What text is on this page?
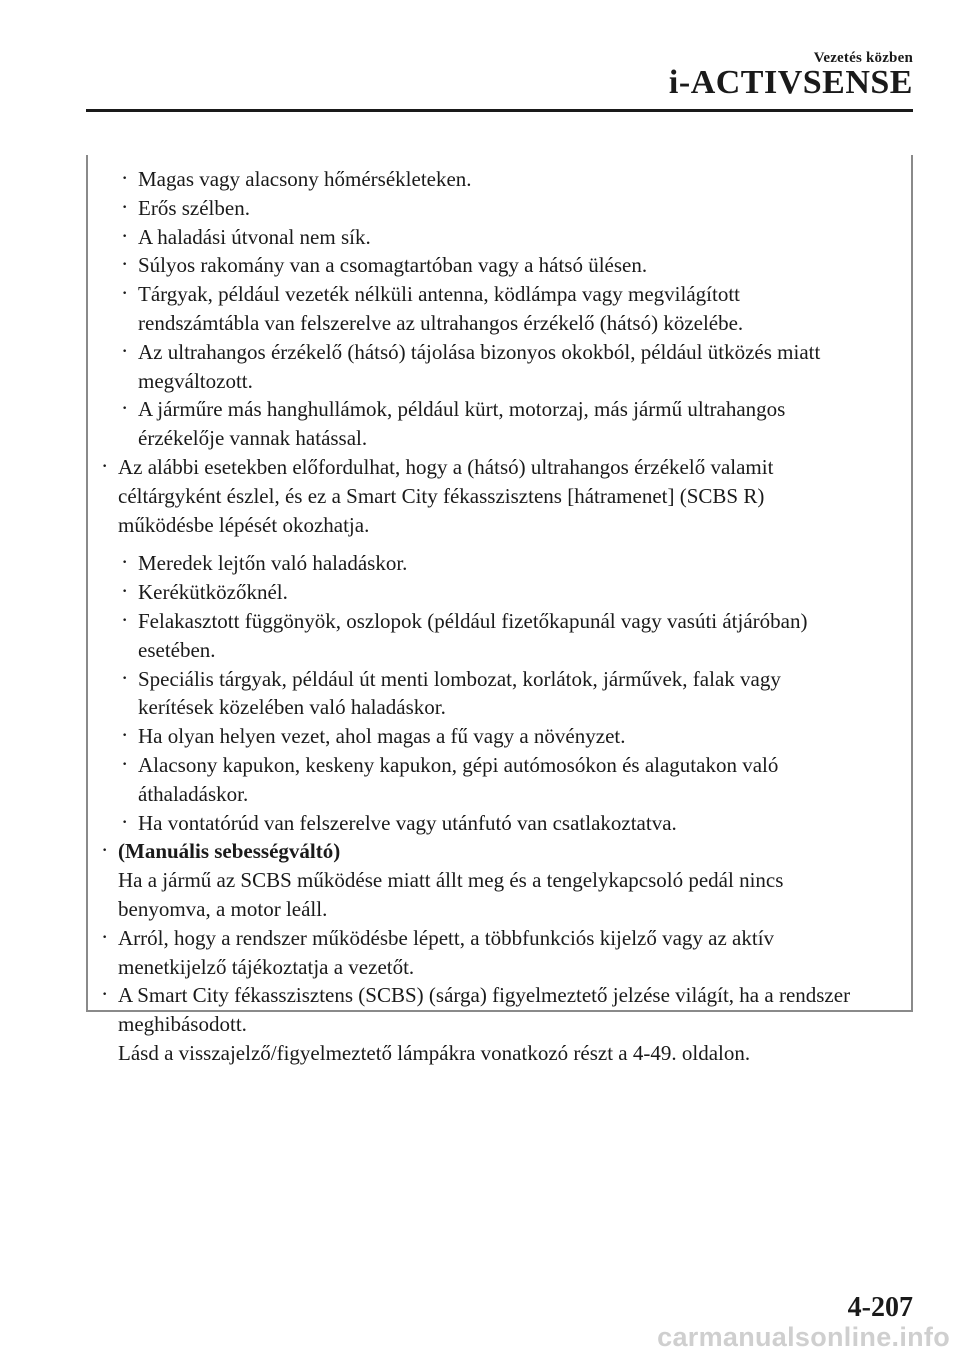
Vezetés közben
i-ACTIVSENSE
· Magas vagy alacsony hőmérsékleteken.
· Erős szélben.
· A haladási útvonal nem sík.
· Súlyos rakomány van a csomagtartóban vagy a hátsó ülésen.
· Tárgyak, például vezeték nélküli antenna, ködlámpa vagy megvilágított rendszámtábla van felszerelve az ultrahangos érzékelő (hátsó) közelébe.
· Az ultrahangos érzékelő (hátsó) tájolása bizonyos okokból, például ütközés miatt megváltozott.
· A járműre más hanghullámok, például kürt, motorzaj, más jármű ultrahangos érzékelője vannak hatással.
· Az alábbi esetekben előfordulhat, hogy a (hátsó) ultrahangos érzékelő valamit céltárgyként észlel, és ez a Smart City fékasszisztens [hátramenet] (SCBS R) működésbe lépését okozhatja.
· Meredek lejtőn való haladáskor.
· Kerékütközőknél.
· Felakasztott függönyök, oszlopok (például fizetőkapunál vagy vasúti átjáróban) esetében.
· Speciális tárgyak, például út menti lombozat, korlátok, járművek, falak vagy kerítések közelében való haladáskor.
· Ha olyan helyen vezet, ahol magas a fű vagy a növényzet.
· Alacsony kapukon, keskeny kapukon, gépi autómosókon és alagutakon való áthaladáskor.
· Ha vontatórúd van felszerelve vagy utánfutó van csatlakoztatva.
· (Manuális sebességváltó)
Ha a jármű az SCBS működése miatt állt meg és a tengelykapcsoló pedál nincs benyomva, a motor leáll.
· Arról, hogy a rendszer működésbe lépett, a többfunkciós kijelző vagy az aktív menetkijelző tájékoztatja a vezetőt.
· A Smart City fékasszisztens (SCBS) (sárga) figyelmeztető jelzése világít, ha a rendszer meghibásodott.
Lásd a visszajelző/figyelmeztető lámpákra vonatkozó részt a 4-49. oldalon.
4-207
carmanualsonline.info
